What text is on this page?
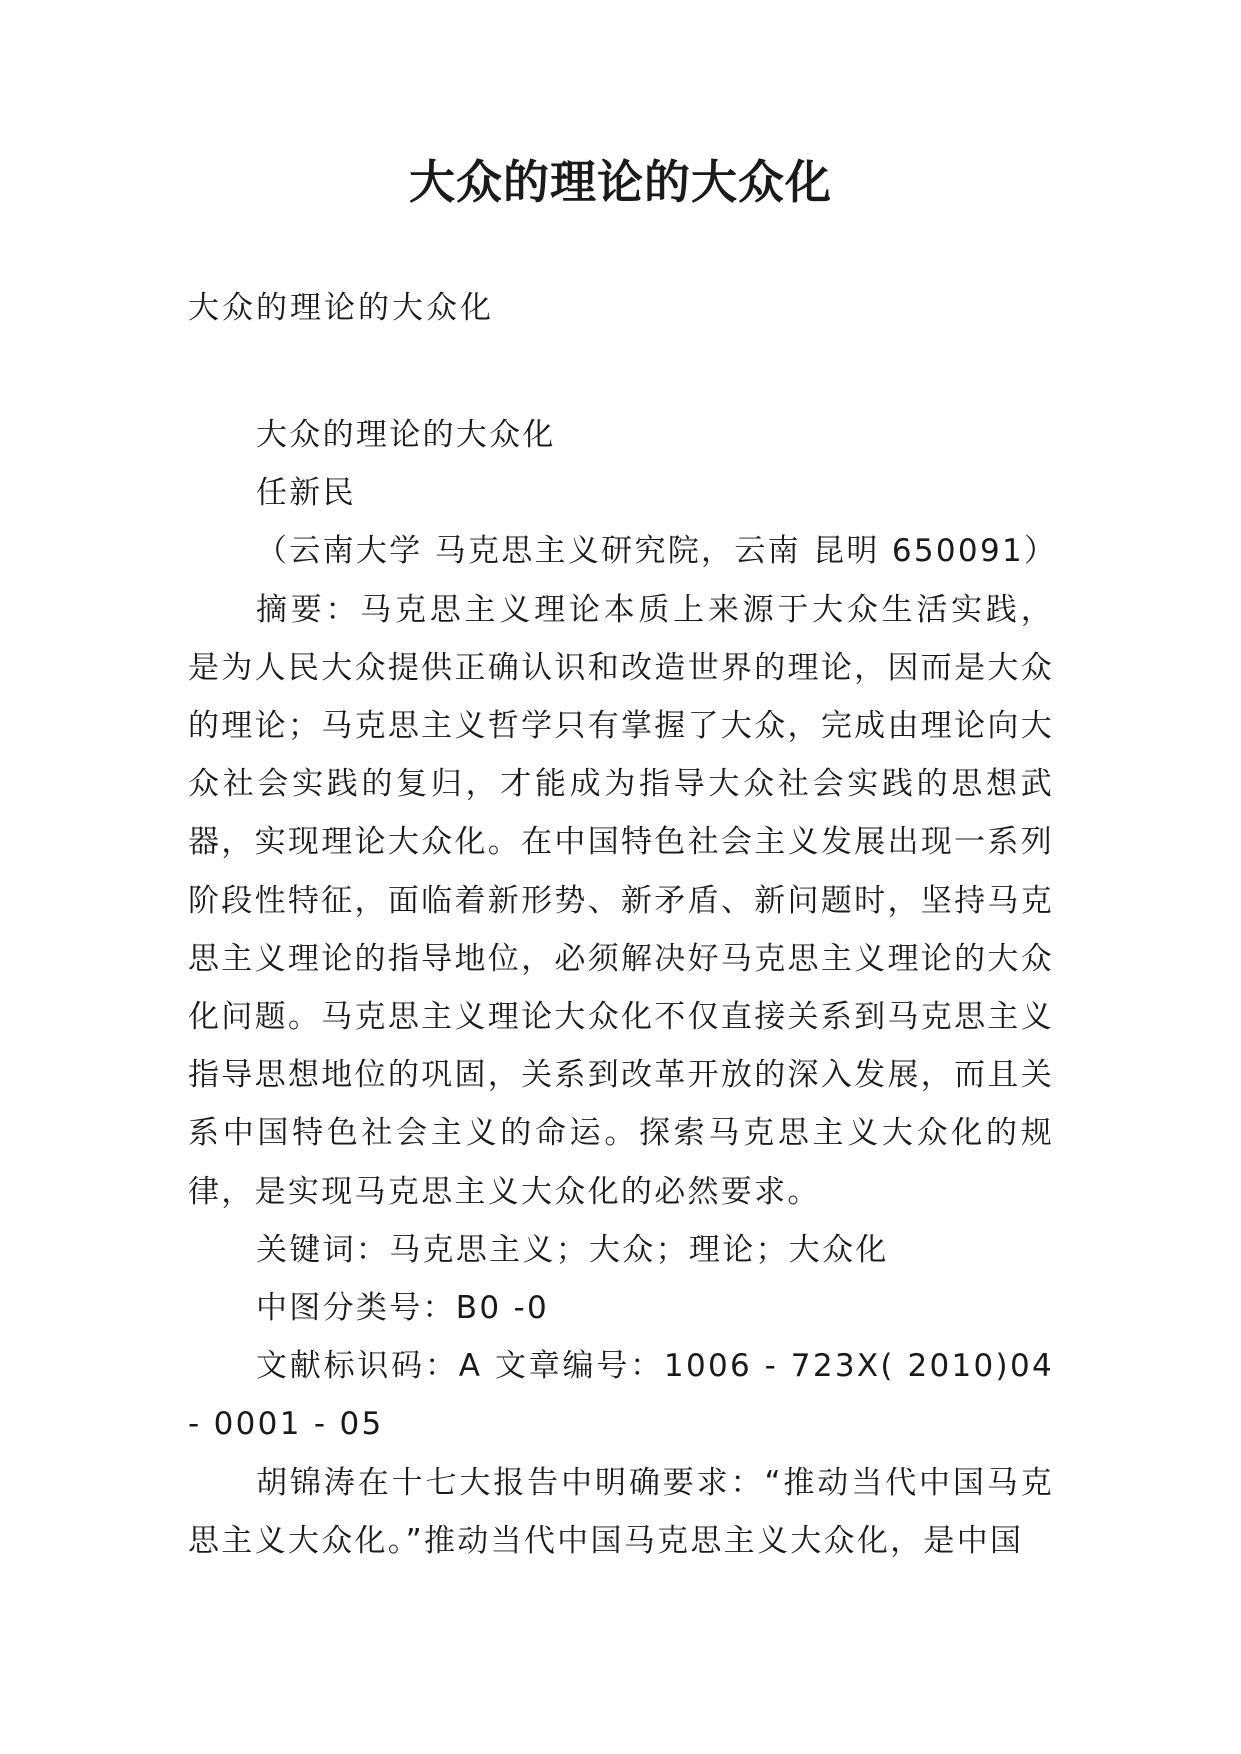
大众的理论的大众化

大众的理论的大众化

大众的理论的大众化

任新民

（云南大学 马克思主义研究院，云南 昆明 650091）

摘要：马克思主义理论本质上来源于大众生活实践，是为人民大众提供正确认识和改造世界的理论，因而是大众的理论；马克思主义哲学只有掌握了大众，完成由理论向大众社会实践的复归，才能成为指导大众社会实践的思想武器，实现理论大众化。在中国特色社会主义发展出现一系列阶段性特征，面临着新形势、新矛盾、新问题时，坚持马克思主义理论的指导地位，必须解决好马克思主义理论的大众化问题。马克思主义理论大众化不仅直接关系到马克思主义指导思想地位的巩固，关系到改革开放的深入发展，而且关系中国特色社会主义的命运。探索马克思主义大众化的规律，是实现马克思主义大众化的必然要求。

关键词：马克思主义；大众；理论；大众化

中图分类号：B0 -0

文献标识码：A 文章编号：1006 - 723X( 2010)04 - 0001 - 05

胡锦涛在十七大报告中明确要求：“推动当代中国马克思主义大众化。”推动当代中国马克思主义大众化，是中国
